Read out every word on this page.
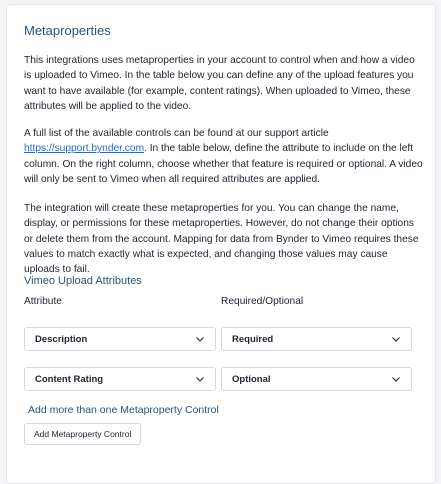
Metaproperties

This integrations uses metaproperties in your account to control when and how a video is uploaded to Vimeo. In the table below you can define any of the upload features you want to have available (for example, content ratings). When uploaded to Vimeo, these attributes will be applied to the video.

A full list of the available controls can be found at our support article https://support.bynder.com. In the table below, define the attribute to include on the left column. On the right column, choose whether that feature is required or optional. A video will only be sent to Vimeo when all required attributes are applied.

The integration will create these metaproperties for you. You can change the name, display, or permissions for these metaproperties. However, do not change their options or delete them from the account. Mapping for data from Bynder to Vimeo requires these values to match exactly what is expected, and changing those values may cause uploads to fail.

Vimeo Upload Attributes
Attribute	Required/Optional
Description	Required
Content Rating	Optional
Add more than one Metaproperty Control
Add Metaproperty Control
